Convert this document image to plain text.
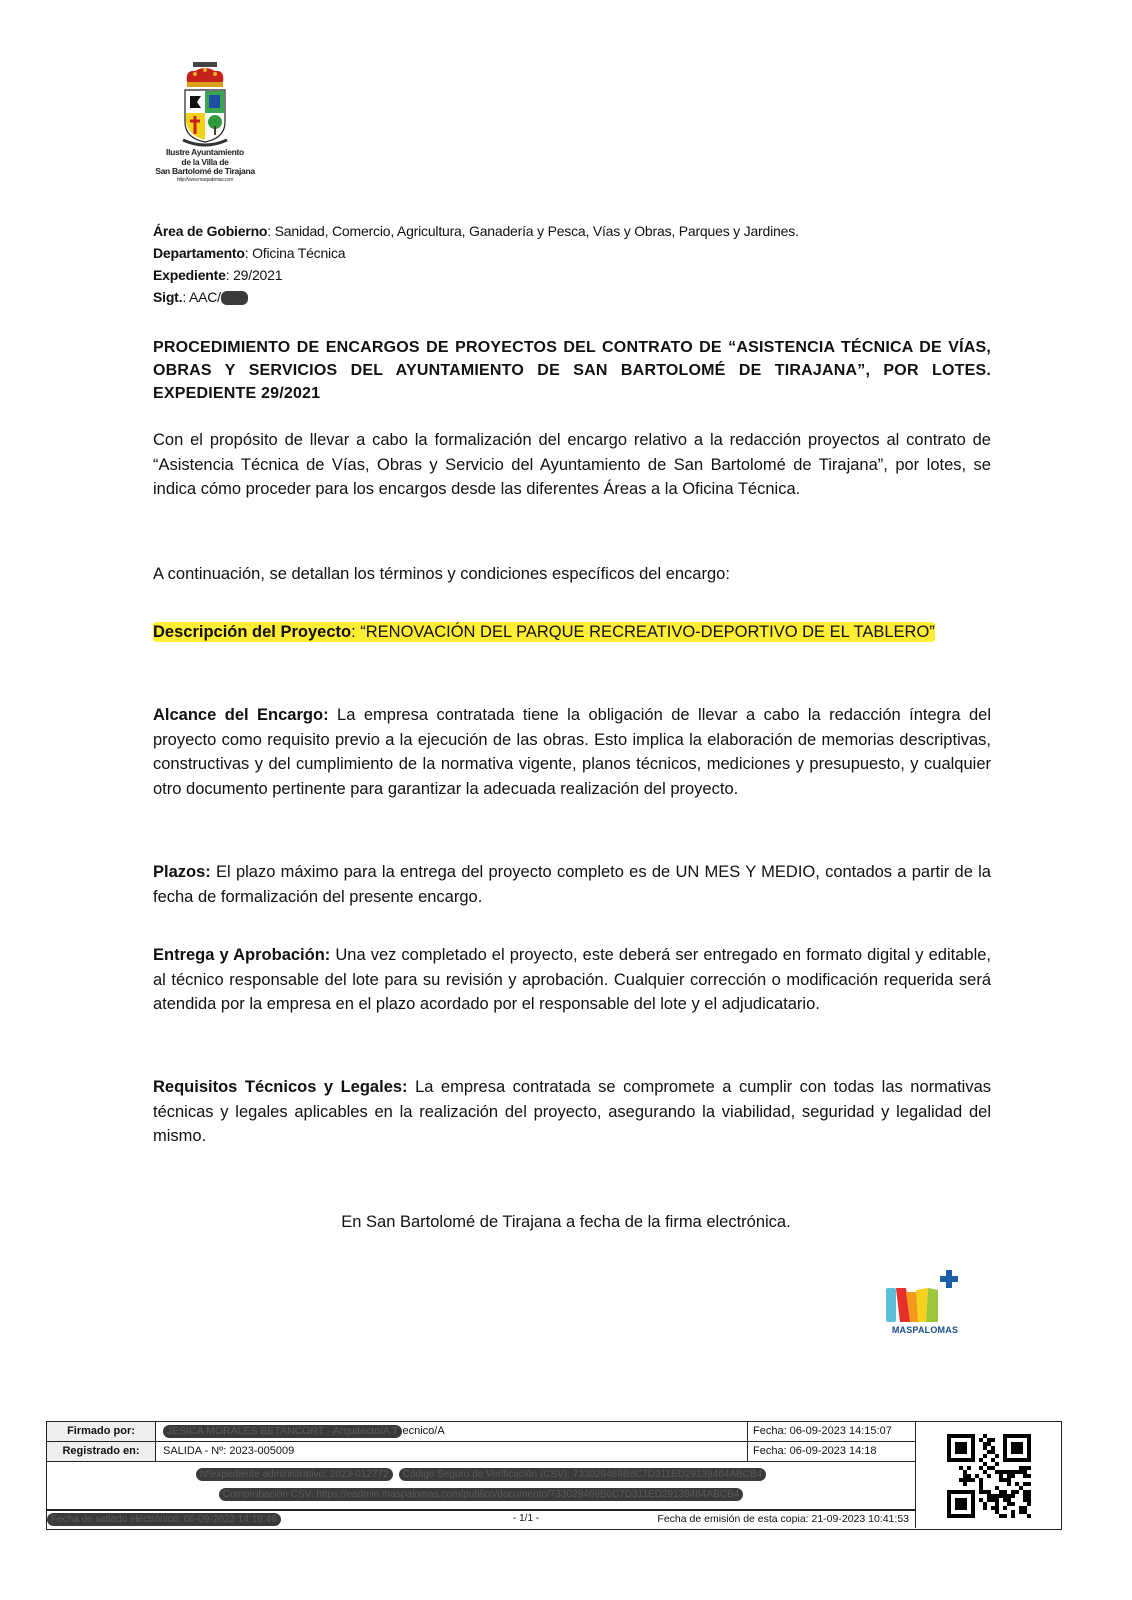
Ilustre Ayuntamiento
de la Villa de
San Bartolomé de Tirajana
http://www.maspalomas.com
Área de Gobierno: Sanidad, Comercio, Agricultura, Ganadería y Pesca, Vías y Obras, Parques y Jardines.
Departamento: Oficina Técnica
Expediente: 29/2021
Sigt.: AAC/ JMB
PROCEDIMIENTO DE ENCARGOS DE PROYECTOS DEL CONTRATO DE “ASISTENCIA TÉCNICA DE VÍAS, OBRAS Y SERVICIOS DEL AYUNTAMIENTO DE SAN BARTOLOMÉ DE TIRAJANA”, POR LOTES. EXPEDIENTE 29/2021
Con el propósito de llevar a cabo la formalización del encargo relativo a la redacción proyectos al contrato de “Asistencia Técnica de Vías, Obras y Servicio del Ayuntamiento de San Bartolomé de Tirajana”, por lotes, se indica cómo proceder para los encargos desde las diferentes Áreas a la Oficina Técnica.
A continuación, se detallan los términos y condiciones específicos del encargo:
Descripción del Proyecto: “RENOVACIÓN DEL PARQUE RECREATIVO-DEPORTIVO DE EL TABLERO”
Alcance del Encargo: La empresa contratada tiene la obligación de llevar a cabo la redacción íntegra del proyecto como requisito previo a la ejecución de las obras. Esto implica la elaboración de memorias descriptivas, constructivas y del cumplimiento de la normativa vigente, planos técnicos, mediciones y presupuesto, y cualquier otro documento pertinente para garantizar la adecuada realización del proyecto.
Plazos: El plazo máximo para la entrega del proyecto completo es de UN MES Y MEDIO, contados a partir de la fecha de formalización del presente encargo.
Entrega y Aprobación: Una vez completado el proyecto, este deberá ser entregado en formato digital y editable, al técnico responsable del lote para su revisión y aprobación. Cualquier corrección o modificación requerida será atendida por la empresa en el plazo acordado por el responsable del lote y el adjudicatario.
Requisitos Técnicos y Legales: La empresa contratada se compromete a cumplir con todas las normativas técnicas y legales aplicables en la realización del proyecto, asegurando la viabilidad, seguridad y legalidad del mismo.
En San Bartolomé de Tirajana a fecha de la firma electrónica.
MASPALOMAS
Firmado por:	JESICA MORALES BETANCORT - Arquitecto/A T ecnico/A	Fecha: 06-09-2023 14:15:07
Registrado en:	SALIDA - Nº: 2023-005009	Fecha: 06-09-2023 14:18
Nºexpediente administrativo: 2023-012772 Código Seguro de Verificación (CSV): 733029469B6C7D311ED29139464ABCB4
Comprobación CSV: https://eadmin.maspalomas.com/publico/documento/733029469B6C7D311ED29139464ABCB4
Fecha de sellado electrónico: 06-09-2023 14:19:46	- 1/1 -	Fecha de emisión de esta copia: 21-09-2023 10:41:53
